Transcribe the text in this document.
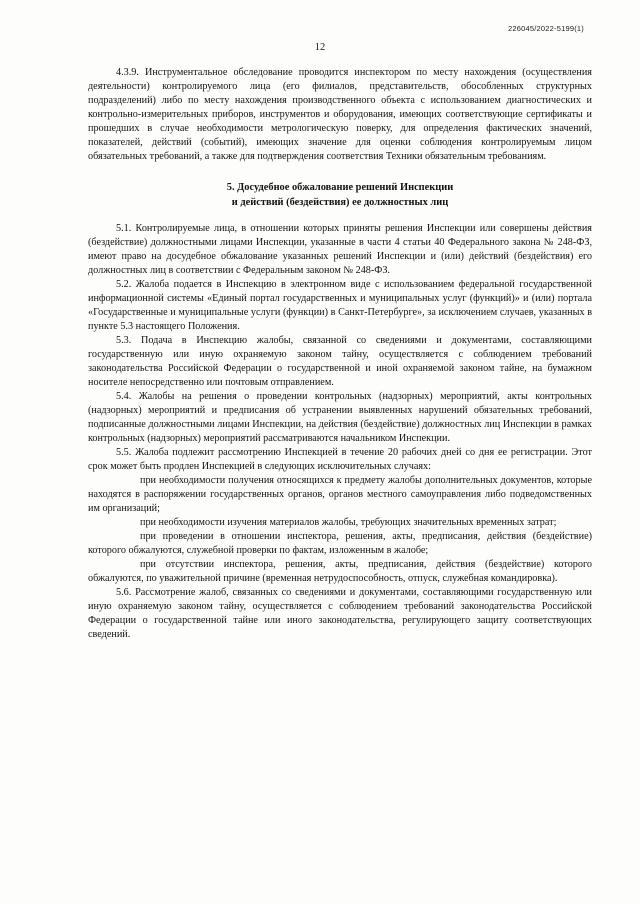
226045/2022-5199(1)
12

4.3.9. Инструментальное обследование проводится инспектором по месту нахождения (осуществления деятельности) контролируемого лица (его филиалов, представительств, обособленных структурных подразделений) либо по месту нахождения производственного объекта с использованием диагностических и контрольно-измерительных приборов, инструментов и оборудования, имеющих соответствующие сертификаты и прошедших в случае необходимости метрологическую поверку, для определения фактических значений, показателей, действий (событий), имеющих значение для оценки соблюдения контролируемым лицом обязательных требований, а также для подтверждения соответствия Техники обязательным требованиям.

5. Досудебное обжалование решений Инспекции
и действий (бездействия) ее должностных лиц

5.1. Контролируемые лица, в отношении которых приняты решения Инспекции или совершены действия (бездействие) должностными лицами Инспекции, указанные в части 4 статьи 40 Федерального закона № 248-ФЗ, имеют право на досудебное обжалование указанных решений Инспекции и (или) действий (бездействия) его должностных лиц в соответствии с Федеральным законом № 248-ФЗ.

5.2. Жалоба подается в Инспекцию в электронном виде с использованием федеральной государственной информационной системы «Единый портал государственных и муниципальных услуг (функций)» и (или) портала «Государственные и муниципальные услуги (функции) в Санкт-Петербурге», за исключением случаев, указанных в пункте 5.3 настоящего Положения.

5.3. Подача в Инспекцию жалобы, связанной со сведениями и документами, составляющими государственную или иную охраняемую законом тайну, осуществляется с соблюдением требований законодательства Российской Федерации о государственной и иной охраняемой законом тайне, на бумажном носителе непосредственно или почтовым отправлением.

5.4. Жалобы на решения о проведении контрольных (надзорных) мероприятий, акты контрольных (надзорных) мероприятий и предписания об устранении выявленных нарушений обязательных требований, подписанные должностными лицами Инспекции, на действия (бездействие) должностных лиц Инспекции в рамках контрольных (надзорных) мероприятий рассматриваются начальником Инспекции.

5.5. Жалоба подлежит рассмотрению Инспекцией в течение 20 рабочих дней со дня ее регистрации. Этот срок может быть продлен Инспекцией в следующих исключительных случаях:

при необходимости получения относящихся к предмету жалобы дополнительных документов, которые находятся в распоряжении государственных органов, органов местного самоуправления либо подведомственных им организаций;

при необходимости изучения материалов жалобы, требующих значительных временных затрат;

при проведении в отношении инспектора, решения, акты, предписания, действия (бездействие) которого обжалуются, служебной проверки по фактам, изложенным в жалобе;

при отсутствии инспектора, решения, акты, предписания, действия (бездействие) которого обжалуются, по уважительной причине (временная нетрудоспособность, отпуск, служебная командировка).

5.6. Рассмотрение жалоб, связанных со сведениями и документами, составляющими государственную или иную охраняемую законом тайну, осуществляется с соблюдением требований законодательства Российской Федерации о государственной тайне или иного законодательства, регулирующего защиту соответствующих сведений.
